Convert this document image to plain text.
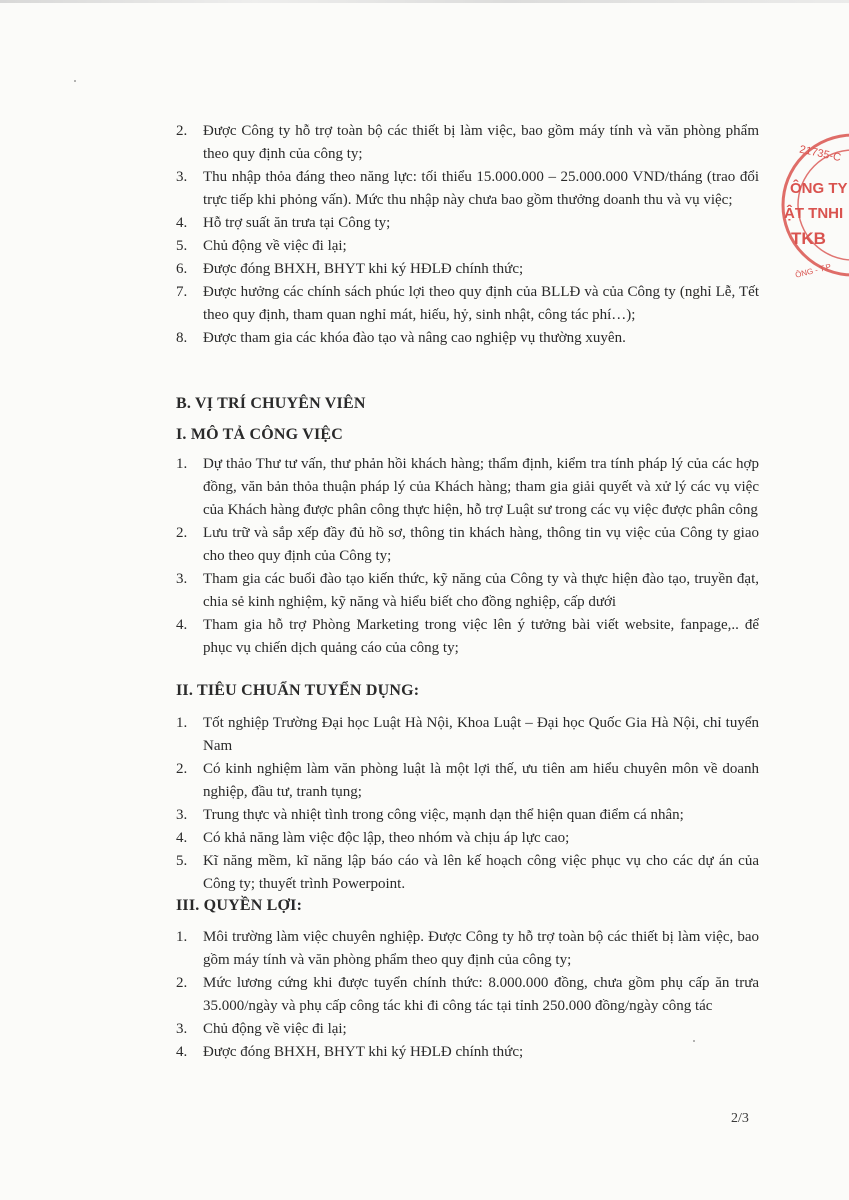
2. Được Công ty hỗ trợ toàn bộ các thiết bị làm việc, bao gồm máy tính và văn phòng phẩm theo quy định của công ty;
3. Thu nhập thỏa đáng theo năng lực: tối thiểu 15.000.000 – 25.000.000 VND/tháng (trao đổi trực tiếp khi phỏng vấn). Mức thu nhập này chưa bao gồm thưởng doanh thu và vụ việc;
4. Hỗ trợ suất ăn trưa tại Công ty;
5. Chủ động về việc đi lại;
6. Được đóng BHXH, BHYT khi ký HĐLĐ chính thức;
7. Được hưởng các chính sách phúc lợi theo quy định của BLLĐ và của Công ty (nghỉ Lễ, Tết theo quy định, tham quan nghỉ mát, hiếu, hỷ, sinh nhật, công tác phí…);
8. Được tham gia các khóa đào tạo và nâng cao nghiệp vụ thường xuyên.
B. VỊ TRÍ CHUYÊN VIÊN
I. MÔ TẢ CÔNG VIỆC
1. Dự thảo Thư tư vấn, thư phản hồi khách hàng; thẩm định, kiểm tra tính pháp lý của các hợp đồng, văn bản thỏa thuận pháp lý của Khách hàng; tham gia giải quyết và xử lý các vụ việc của Khách hàng được phân công thực hiện, hỗ trợ Luật sư trong các vụ việc được phân công
2. Lưu trữ và sắp xếp đầy đủ hồ sơ, thông tin khách hàng, thông tin vụ việc của Công ty giao cho theo quy định của Công ty;
3. Tham gia các buổi đào tạo kiến thức, kỹ năng của Công ty và thực hiện đào tạo, truyền đạt, chia sẻ kinh nghiệm, kỹ năng và hiểu biết cho đồng nghiệp, cấp dưới
4. Tham gia hỗ trợ Phòng Marketing trong việc lên ý tưởng bài viết website, fanpage,.. để phục vụ chiến dịch quảng cáo của công ty;
II. TIÊU CHUẨN TUYỂN DỤNG:
1. Tốt nghiệp Trường Đại học Luật Hà Nội, Khoa Luật – Đại học Quốc Gia Hà Nội, chỉ tuyển Nam
2. Có kinh nghiệm làm văn phòng luật là một lợi thế, ưu tiên am hiểu chuyên môn về doanh nghiệp, đầu tư, tranh tụng;
3. Trung thực và nhiệt tình trong công việc, mạnh dạn thể hiện quan điểm cá nhân;
4. Có khả năng làm việc độc lập, theo nhóm và chịu áp lực cao;
5. Kĩ năng mềm, kĩ năng lập báo cáo và lên kế hoạch công việc phục vụ cho các dự án của Công ty; thuyết trình Powerpoint.
III. QUYỀN LỢI:
1. Môi trường làm việc chuyên nghiệp. Được Công ty hỗ trợ toàn bộ các thiết bị làm việc, bao gồm máy tính và văn phòng phẩm theo quy định của công ty;
2. Mức lương cứng khi được tuyển chính thức: 8.000.000 đồng, chưa gồm phụ cấp ăn trưa 35.000/ngày và phụ cấp công tác khi đi công tác tại tỉnh 250.000 đồng/ngày công tác
3. Chủ động về việc đi lại;
4. Được đóng BHXH, BHYT khi ký HĐLĐ chính thức;
21735-C
ÔNG TY
ẬT TNHI
TKB
ÔNG - T.P
2/3
